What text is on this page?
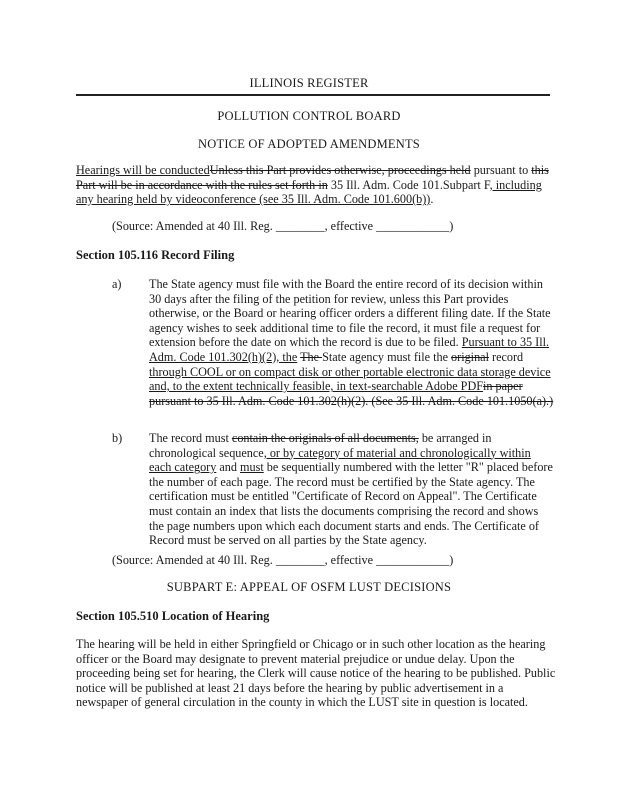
ILLINOIS REGISTER
POLLUTION CONTROL BOARD
NOTICE OF ADOPTED AMENDMENTS
Hearings will be conductedUnless this Part provides otherwise, proceedings held pursuant to this Part will be in accordance with the rules set forth in 35 Ill. Adm. Code 101.Subpart F, including any hearing held by videoconference (see 35 Ill. Adm. Code 101.600(b)).
(Source: Amended at 40 Ill. Reg. ________, effective ____________)
Section 105.116 Record Filing
a)	The State agency must file with the Board the entire record of its decision within 30 days after the filing of the petition for review, unless this Part provides otherwise, or the Board or hearing officer orders a different filing date. If the State agency wishes to seek additional time to file the record, it must file a request for extension before the date on which the record is due to be filed. Pursuant to 35 Ill. Adm. Code 101.302(h)(2), the The State agency must file the original record through COOL or on compact disk or other portable electronic data storage device and, to the extent technically feasible, in text-searchable Adobe PDFin paper pursuant to 35 Ill. Adm. Code 101.302(h)(2). (See 35 Ill. Adm. Code 101.1050(a).)
b)	The record must contain the originals of all documents, be arranged in chronological sequence, or by category of material and chronologically within each category and must be sequentially numbered with the letter "R" placed before the number of each page. The record must be certified by the State agency. The certification must be entitled "Certificate of Record on Appeal". The Certificate must contain an index that lists the documents comprising the record and shows the page numbers upon which each document starts and ends. The Certificate of Record must be served on all parties by the State agency.
(Source: Amended at 40 Ill. Reg. ________, effective ____________)
SUBPART E: APPEAL OF OSFM LUST DECISIONS
Section 105.510 Location of Hearing
The hearing will be held in either Springfield or Chicago or in such other location as the hearing officer or the Board may designate to prevent material prejudice or undue delay. Upon the proceeding being set for hearing, the Clerk will cause notice of the hearing to be published. Public notice will be published at least 21 days before the hearing by public advertisement in a newspaper of general circulation in the county in which the LUST site in question is located.
